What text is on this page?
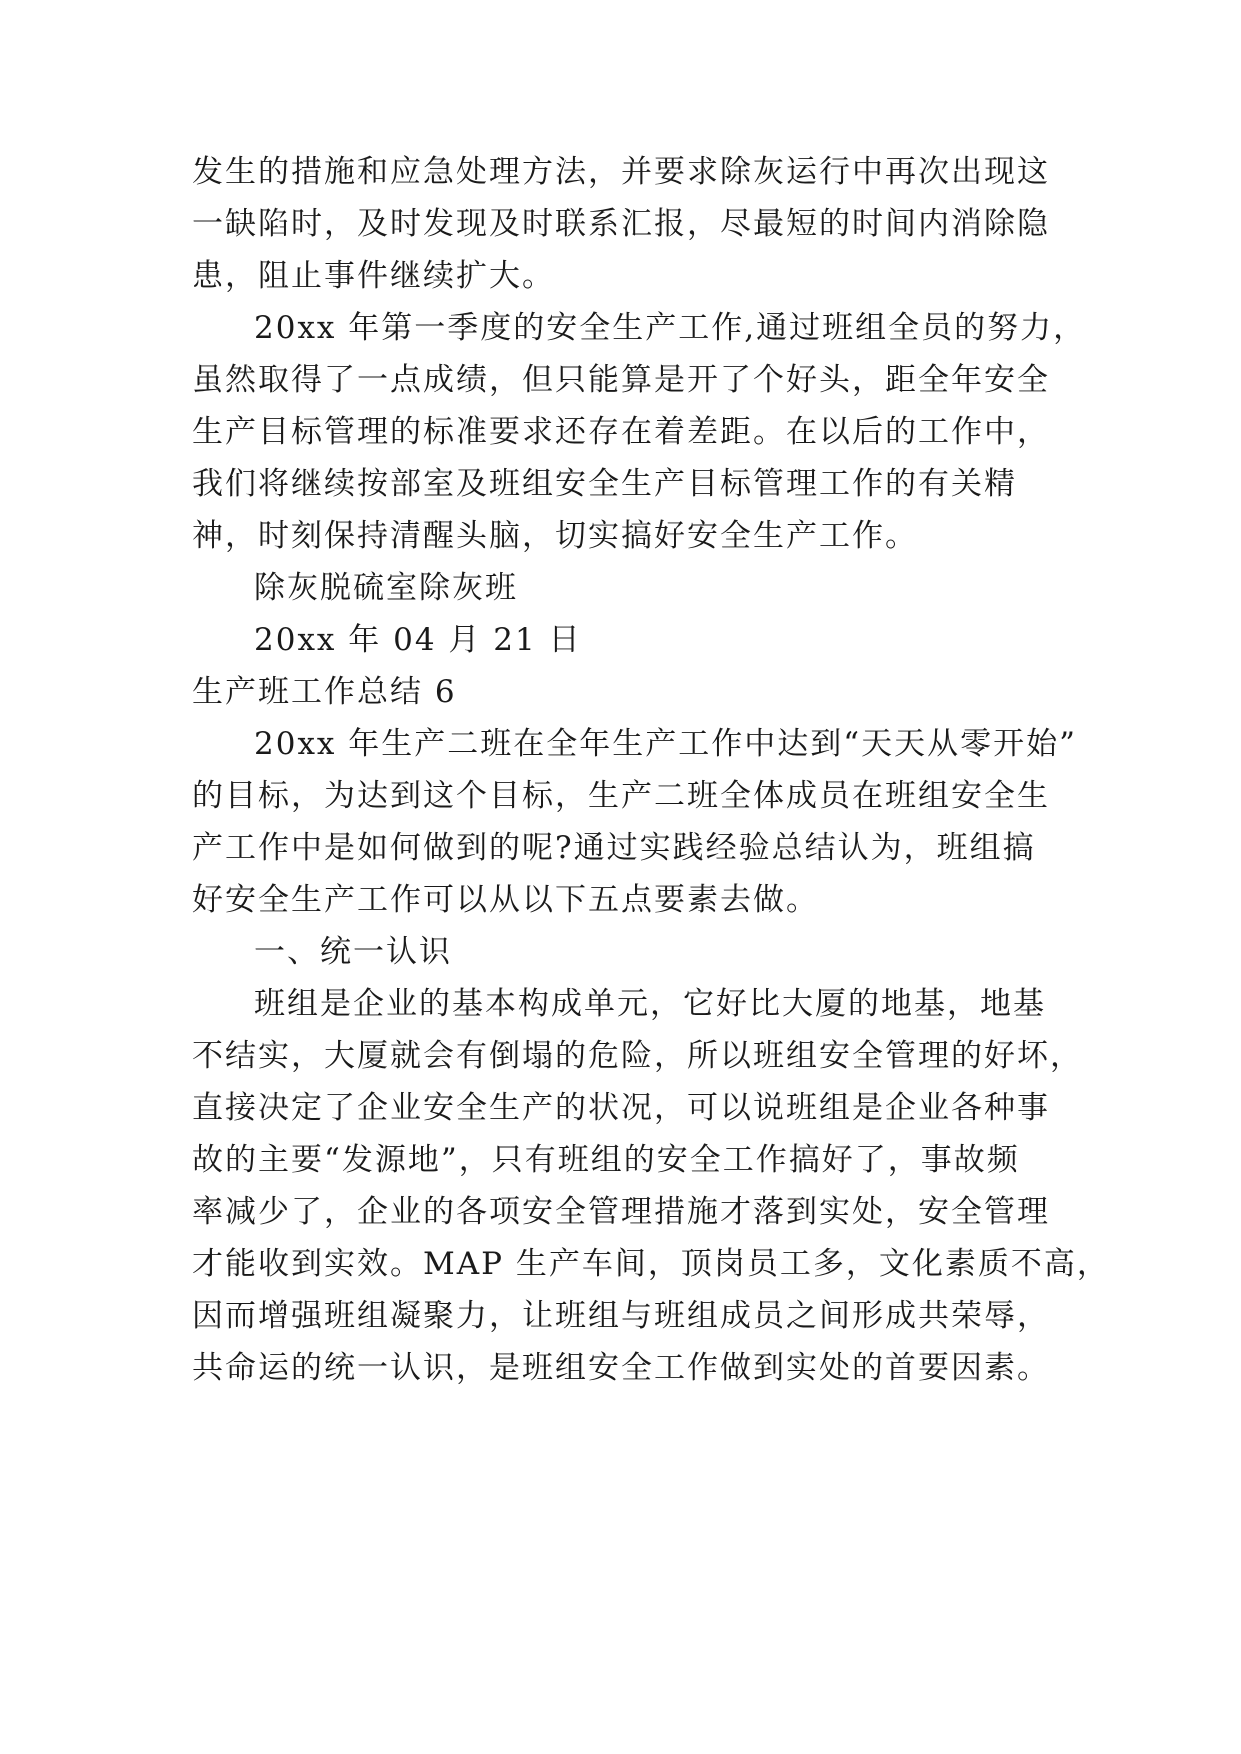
发生的措施和应急处理方法，并要求除灰运行中再次出现这
一缺陷时，及时发现及时联系汇报，尽最短的时间内消除隐
患，阻止事件继续扩大。
20xx 年第一季度的安全生产工作,通过班组全员的努力，
虽然取得了一点成绩，但只能算是开了个好头，距全年安全
生产目标管理的标准要求还存在着差距。在以后的工作中，
我们将继续按部室及班组安全生产目标管理工作的有关精
神，时刻保持清醒头脑，切实搞好安全生产工作。
除灰脱硫室除灰班
20xx 年 04 月 21 日
生产班工作总结 6
20xx 年生产二班在全年生产工作中达到“天天从零开始”
的目标，为达到这个目标，生产二班全体成员在班组安全生
产工作中是如何做到的呢?通过实践经验总结认为，班组搞
好安全生产工作可以从以下五点要素去做。
一、统一认识
班组是企业的基本构成单元，它好比大厦的地基，地基
不结实，大厦就会有倒塌的危险，所以班组安全管理的好坏，
直接决定了企业安全生产的状况，可以说班组是企业各种事
故的主要“发源地”，只有班组的安全工作搞好了，事故频
率减少了，企业的各项安全管理措施才落到实处，安全管理
才能收到实效。MAP 生产车间，顶岗员工多，文化素质不高，
因而增强班组凝聚力，让班组与班组成员之间形成共荣辱，
共命运的统一认识，是班组安全工作做到实处的首要因素。
